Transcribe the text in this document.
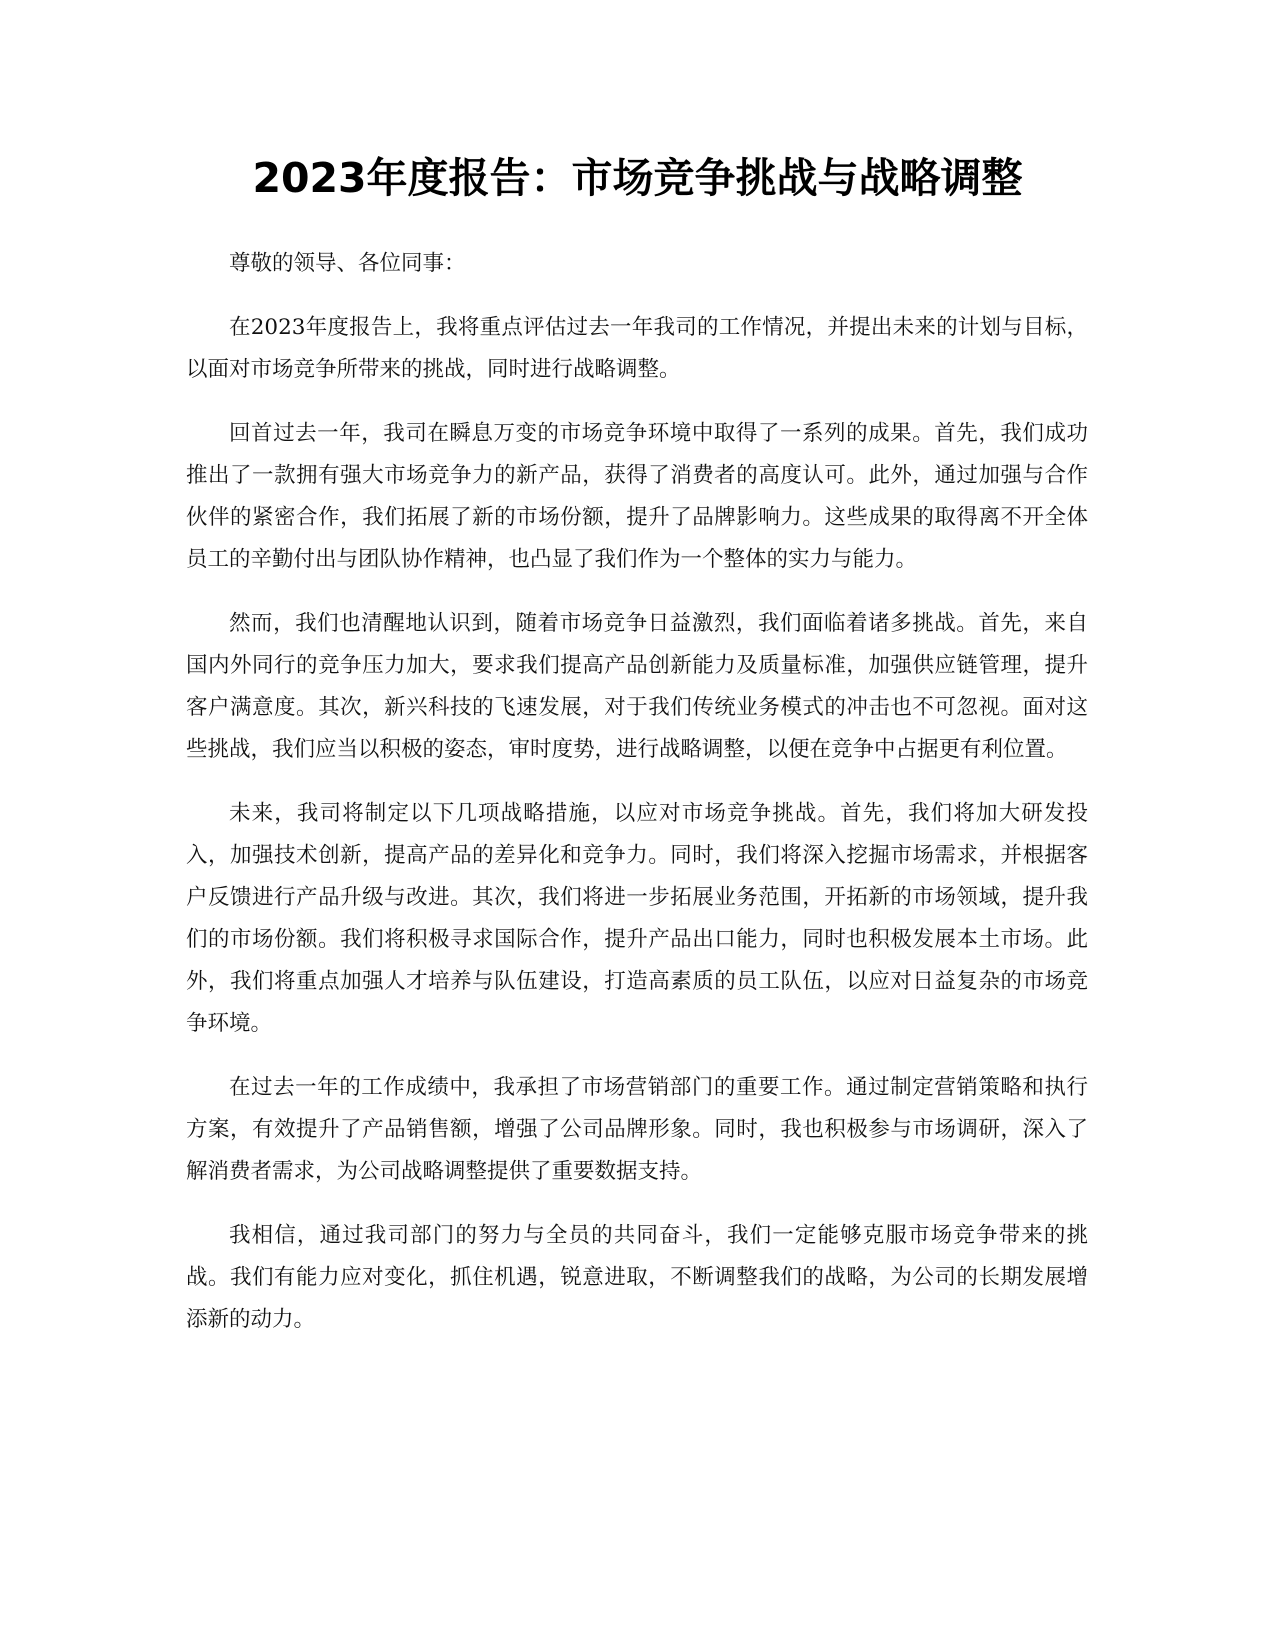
2023年度报告：市场竞争挑战与战略调整

尊敬的领导、各位同事：

在2023年度报告上，我将重点评估过去一年我司的工作情况，并提出未来的计划与目标，以面对市场竞争所带来的挑战，同时进行战略调整。

回首过去一年，我司在瞬息万变的市场竞争环境中取得了一系列的成果。首先，我们成功推出了一款拥有强大市场竞争力的新产品，获得了消费者的高度认可。此外，通过加强与合作伙伴的紧密合作，我们拓展了新的市场份额，提升了品牌影响力。这些成果的取得离不开全体员工的辛勤付出与团队协作精神，也凸显了我们作为一个整体的实力与能力。

然而，我们也清醒地认识到，随着市场竞争日益激烈，我们面临着诸多挑战。首先，来自国内外同行的竞争压力加大，要求我们提高产品创新能力及质量标准，加强供应链管理，提升客户满意度。其次，新兴科技的飞速发展，对于我们传统业务模式的冲击也不可忽视。面对这些挑战，我们应当以积极的姿态，审时度势，进行战略调整，以便在竞争中占据更有利位置。

未来，我司将制定以下几项战略措施，以应对市场竞争挑战。首先，我们将加大研发投入，加强技术创新，提高产品的差异化和竞争力。同时，我们将深入挖掘市场需求，并根据客户反馈进行产品升级与改进。其次，我们将进一步拓展业务范围，开拓新的市场领域，提升我们的市场份额。我们将积极寻求国际合作，提升产品出口能力，同时也积极发展本土市场。此外，我们将重点加强人才培养与队伍建设，打造高素质的员工队伍，以应对日益复杂的市场竞争环境。

在过去一年的工作成绩中，我承担了市场营销部门的重要工作。通过制定营销策略和执行方案，有效提升了产品销售额，增强了公司品牌形象。同时，我也积极参与市场调研，深入了解消费者需求，为公司战略调整提供了重要数据支持。

我相信，通过我司部门的努力与全员的共同奋斗，我们一定能够克服市场竞争带来的挑战。我们有能力应对变化，抓住机遇，锐意进取，不断调整我们的战略，为公司的长期发展增添新的动力。
